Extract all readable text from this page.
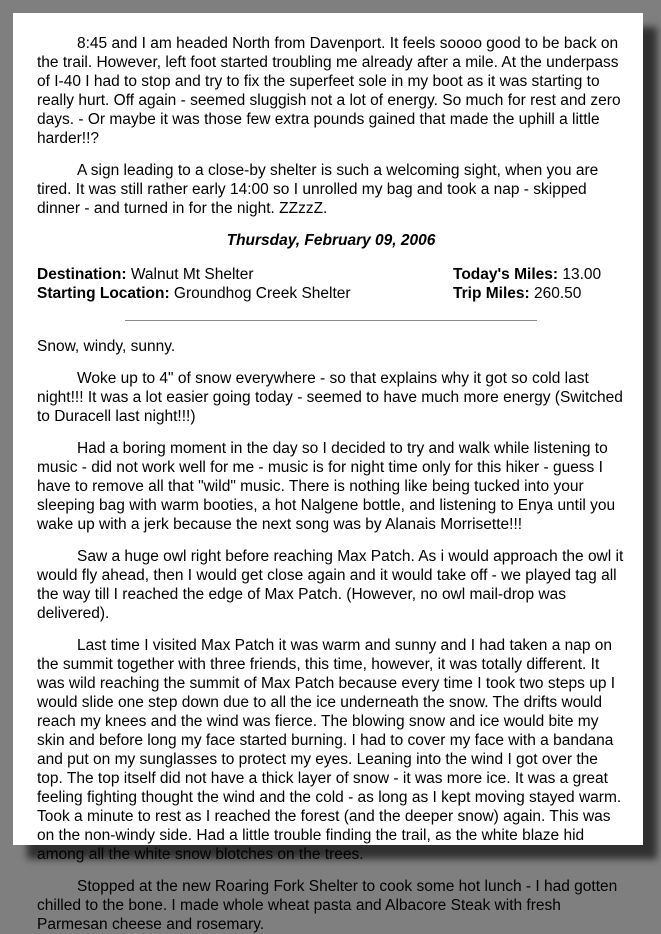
8:45 and I am headed North from Davenport. It feels soooo good to be back on the trail. However, left foot started troubling me already after a mile. At the underpass of I-40 I had to stop and try to fix the superfeet sole in my boot as it was starting to really hurt. Off again - seemed sluggish not a lot of energy. So much for rest and zero days. - Or maybe it was those few extra pounds gained that made the uphill a little harder!!?

A sign leading to a close-by shelter is such a welcoming sight, when you are tired. It was still rather early 14:00 so I unrolled my bag and took a nap - skipped dinner - and turned in for the night. ZZzzZ.

Thursday, February 09, 2006
Destination: Walnut Mt Shelter
Starting Location: Groundhog Creek Shelter
Today's Miles: 13.00
Trip Miles: 260.50

Snow, windy, sunny.

Woke up to 4" of snow everywhere - so that explains why it got so cold last night!!! It was a lot easier going today - seemed to have much more energy (Switched to Duracell last night!!!)

Had a boring moment in the day so I decided to try and walk while listening to music - did not work well for me - music is for night time only for this hiker - guess I have to remove all that "wild" music. There is nothing like being tucked into your sleeping bag with warm booties, a hot Nalgene bottle, and listening to Enya until you wake up with a jerk because the next song was by Alanais Morrisette!!!

Saw a huge owl right before reaching Max Patch. As i would approach the owl it would fly ahead, then I would get close again and it would take off - we played tag all the way till I reached the edge of Max Patch. (However, no owl mail-drop was delivered).

Last time I visited Max Patch it was warm and sunny and I had taken a nap on the summit together with three friends, this time, however, it was totally different. It was wild reaching the summit of Max Patch because every time I took two steps up I would slide one step down due to all the ice underneath the snow. The drifts would reach my knees and the wind was fierce. The blowing snow and ice would bite my skin and before long my face started burning. I had to cover my face with a bandana and put on my sunglasses to protect my eyes. Leaning into the wind I got over the top. The top itself did not have a thick layer of snow - it was more ice. It was a great feeling fighting thought the wind and the cold - as long as I kept moving stayed warm. Took a minute to rest as I reached the forest (and the deeper snow) again. This was on the non-windy side. Had a little trouble finding the trail, as the white blaze hid among all the white snow blotches on the trees.

Stopped at the new Roaring Fork Shelter to cook some hot lunch - I had gotten chilled to the bone. I made whole wheat pasta and Albacore Steak with fresh Parmesan cheese and rosemary.
